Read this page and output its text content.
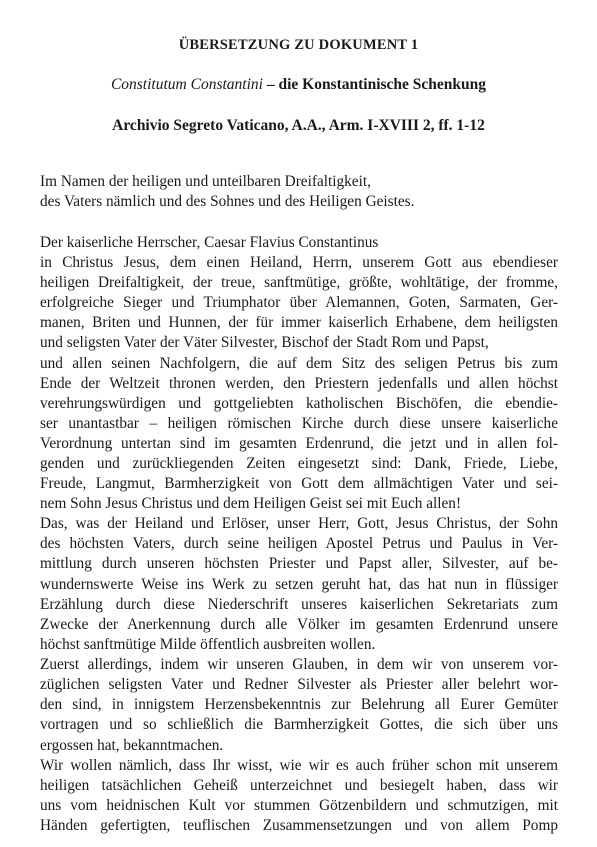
ÜBERSETZUNG ZU DOKUMENT 1
Constitutum Constantini – die Konstantinische Schenkung
Archivio Segreto Vaticano, A.A., Arm. I-XVIII 2, ff. 1-12
Im Namen der heiligen und unteilbaren Dreifaltigkeit,
des Vaters nämlich und des Sohnes und des Heiligen Geistes.
Der kaiserliche Herrscher, Caesar Flavius Constantinus
in Christus Jesus, dem einen Heiland, Herrn, unserem Gott aus ebendieser
heiligen Dreifaltigkeit, der treue, sanftmütige, größte, wohltätige, der fromme,
erfolgreiche Sieger und Triumphator über Alemannen, Goten, Sarmaten, Ger-
manen, Briten und Hunnen, der für immer kaiserlich Erhabene, dem heiligsten
und seligsten Vater der Väter Silvester, Bischof der Stadt Rom und Papst,
und allen seinen Nachfolgern, die auf dem Sitz des seligen Petrus bis zum
Ende der Weltzeit thronen werden, den Priestern jedenfalls und allen höchst
verehrungswürdigen und gottgeliebten katholischen Bischöfen, die ebendie-
ser unantastbar – heiligen römischen Kirche durch diese unsere kaiserliche
Verordnung untertan sind im gesamten Erdenrund, die jetzt und in allen fol-
genden und zurückliegenden Zeiten eingesetzt sind: Dank, Friede, Liebe,
Freude, Langmut, Barmherzigkeit von Gott dem allmächtigen Vater und sei-
nem Sohn Jesus Christus und dem Heiligen Geist sei mit Euch allen!
Das, was der Heiland und Erlöser, unser Herr, Gott, Jesus Christus, der Sohn
des höchsten Vaters, durch seine heiligen Apostel Petrus und Paulus in Ver-
mittlung durch unseren höchsten Priester und Papst aller, Silvester, auf be-
wundernswerte Weise ins Werk zu setzen geruht hat, das hat nun in flüssiger
Erzählung durch diese Niederschrift unseres kaiserlichen Sekretariats zum
Zwecke der Anerkennung durch alle Völker im gesamten Erdenrund unsere
höchst sanftmütige Milde öffentlich ausbreiten wollen.
Zuerst allerdings, indem wir unseren Glauben, in dem wir von unserem vor-
züglichen seligsten Vater und Redner Silvester als Priester aller belehrt wor-
den sind, in innigstem Herzensbekenntnis zur Belehrung all Eurer Gemüter
vortragen und so schließlich die Barmherzigkeit Gottes, die sich über uns
ergossen hat, bekanntmachen.
Wir wollen nämlich, dass Ihr wisst, wie wir es auch früher schon mit unserem
heiligen tatsächlichen Geheiß unterzeichnet und besiegelt haben, dass wir
uns vom heidnischen Kult vor stummen Götzenbildern und schmutzigen, mit
Händen gefertigten, teuflischen Zusammensetzungen und von allem Pomp
